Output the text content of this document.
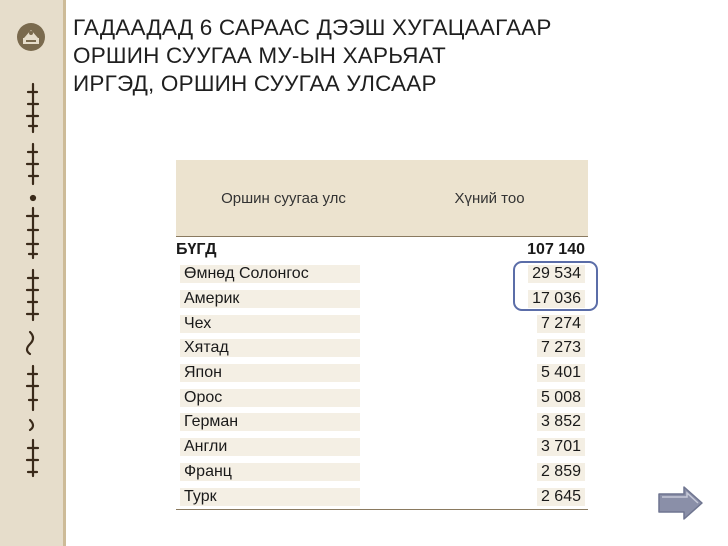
ГАДААДАД 6 САРААС ДЭЭШ ХУГАЦААГААР
ОРШИН СУУГАА МУ-ЫН ХАРЬЯАТ
ИРГЭД, ОРШИН СУУГАА УЛСААР
Оршин суугаа улс	Хүний тоо
БҮГД	107 140
Өмнөд Солонгос	29 534
Америк	17 036
Чех	7 274
Хятад	7 273
Япон	5 401
Орос	5 008
Герман	3 852
Англи	3 701
Франц	2 859
Турк	2 645
